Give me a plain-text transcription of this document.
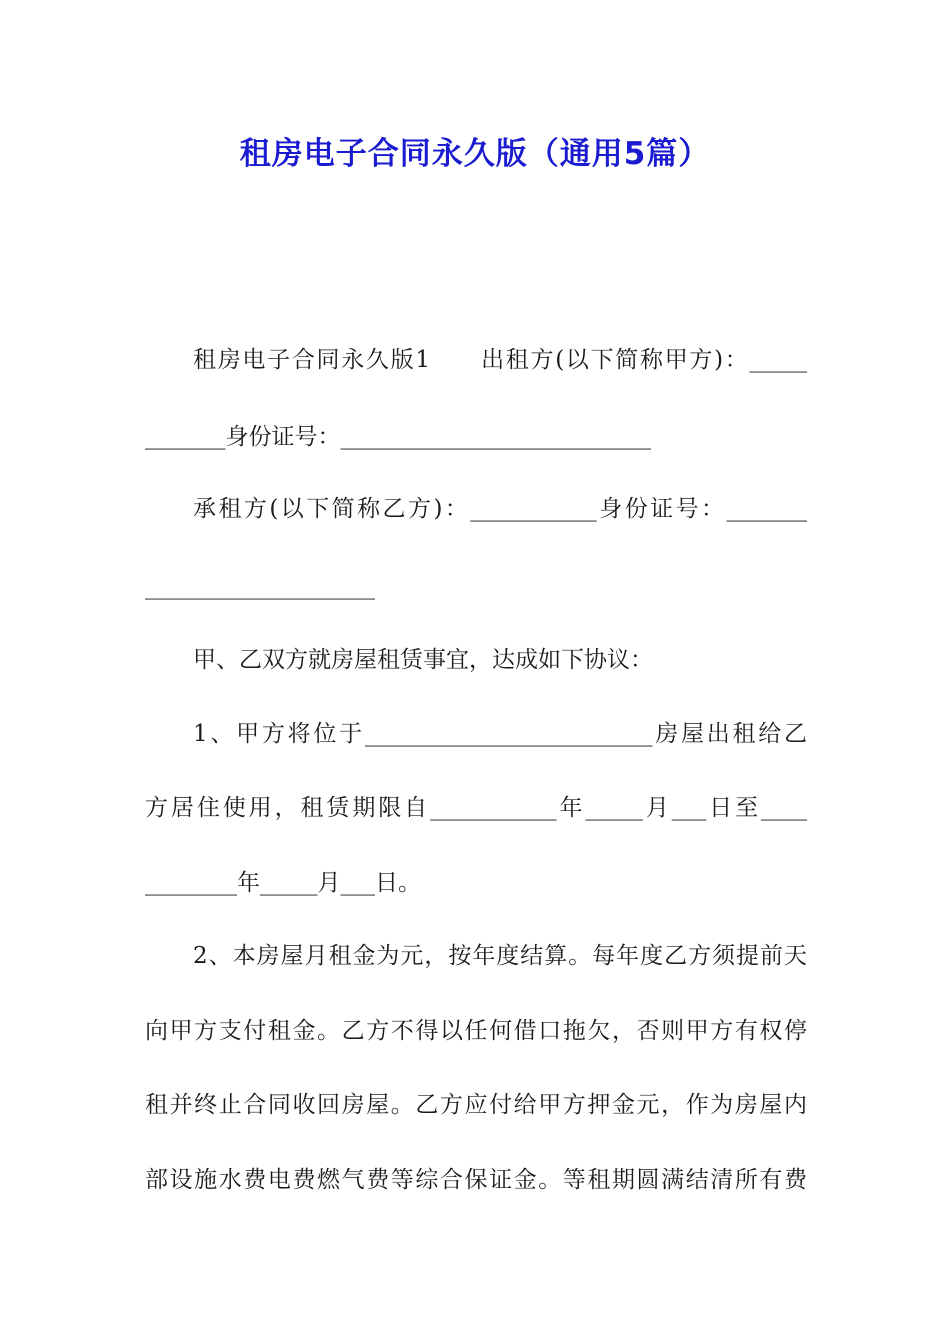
租房电子合同永久版（通用5篇）
租房电子合同永久版1　　出租方(以下简称甲方)：_____
_______身份证号：___________________________
承租方(以下简称乙方)：___________身份证号：_______
____________________
甲、乙双方就房屋租赁事宜，达成如下协议：
1、甲方将位于_________________________房屋出租给乙
方居住使用，租赁期限自___________年_____月___日至____
________年_____月___日。
2、本房屋月租金为元，按年度结算。每年度乙方须提前天
向甲方支付租金。乙方不得以任何借口拖欠，否则甲方有权停
租并终止合同收回房屋。乙方应付给甲方押金元，作为房屋内
部设施水费电费燃气费等综合保证金。等租期圆满结清所有费
